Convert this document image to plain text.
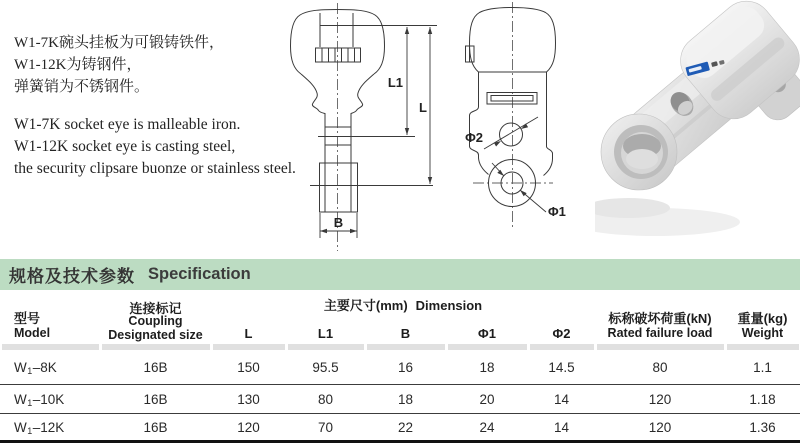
W1-7K碗头挂板为可锻铸铁件，
W1-12K为铸钢件，
弹簧销为不锈钢件。
W1-7K socket eye is malleable iron.
W1-12K socket eye is casting steel,
the security clipsare buonze or stainless steel.
L1
L
B
Φ2
Φ1
规格及技术参数 Specification
型号
Model
连接标记
Coupling
Designated size
主要尺寸(mm) Dimension
L	L1	B	Φ1	Φ2
标称破坏荷重(kN)
Rated failure load
重量(kg)
Weight
W 1 –8K	16B	150	95.5	16	18	14.5	80	1.1
W 1 –10K	16B	130	80	18	20	14	120	1.18
W 1 –12K	16B	120	70	22	24	14	120	1.36
